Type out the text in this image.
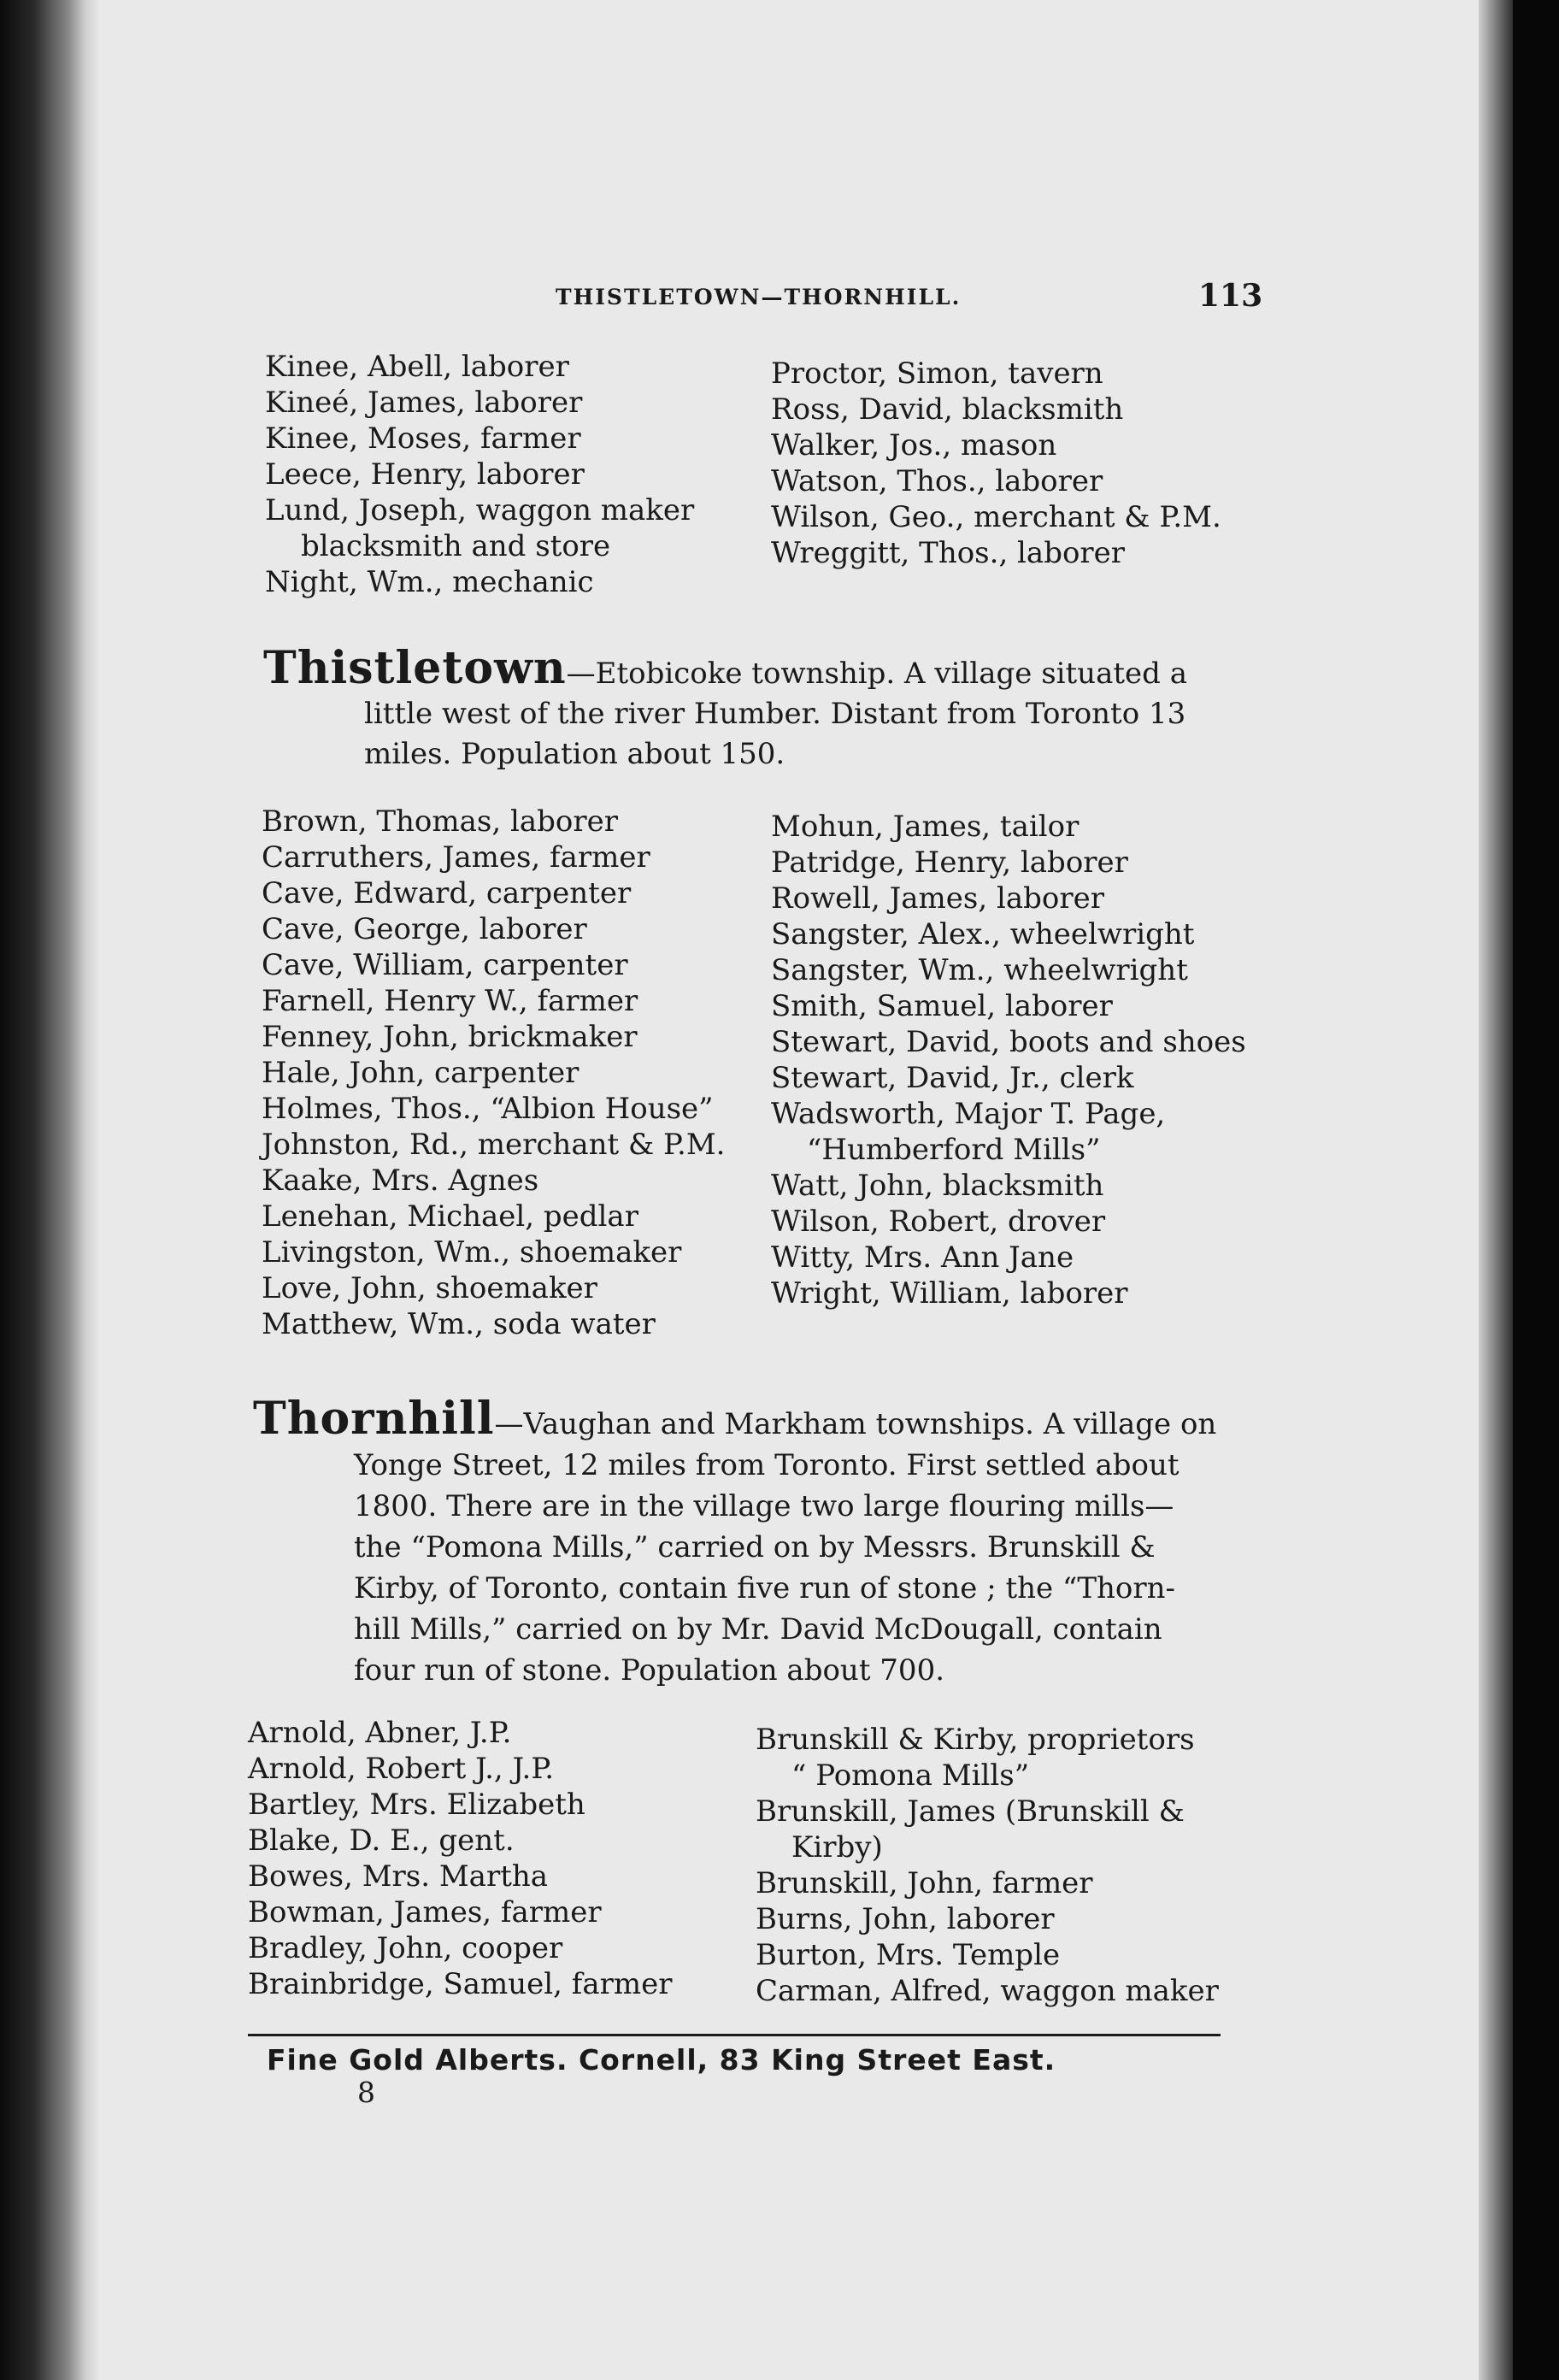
THISTLETOWN—THORNHILL.	113
Kinee, Abell, laborer
Kineé, James, laborer
Kinee, Moses, farmer
Leece, Henry, laborer
Lund, Joseph, waggon maker
blacksmith and store
Night, Wm., mechanic
Proctor, Simon, tavern
Ross, David, blacksmith
Walker, Jos., mason
Watson, Thos., laborer
Wilson, Geo., merchant & P.M.
Wreggitt, Thos., laborer
Thistletown—Etobicoke township. A village situated a
little west of the river Humber. Distant from Toronto 13
miles. Population about 150.
Brown, Thomas, laborer
Carruthers, James, farmer
Cave, Edward, carpenter
Cave, George, laborer
Cave, William, carpenter
Farnell, Henry W., farmer
Fenney, John, brickmaker
Hale, John, carpenter
Holmes, Thos., “Albion House”
Johnston, Rd., merchant & P.M.
Kaake, Mrs. Agnes
Lenehan, Michael, pedlar
Livingston, Wm., shoemaker
Love, John, shoemaker
Matthew, Wm., soda water
Mohun, James, tailor
Patridge, Henry, laborer
Rowell, James, laborer
Sangster, Alex., wheelwright
Sangster, Wm., wheelwright
Smith, Samuel, laborer
Stewart, David, boots and shoes
Stewart, David, Jr., clerk
Wadsworth, Major T. Page,
“Humberford Mills”
Watt, John, blacksmith
Wilson, Robert, drover
Witty, Mrs. Ann Jane
Wright, William, laborer
Thornhill—Vaughan and Markham townships. A village on
Yonge Street, 12 miles from Toronto. First settled about
1800. There are in the village two large flouring mills—
the “Pomona Mills,” carried on by Messrs. Brunskill &
Kirby, of Toronto, contain five run of stone ; the “Thorn-
hill Mills,” carried on by Mr. David McDougall, contain
four run of stone. Population about 700.
Arnold, Abner, J.P.
Arnold, Robert J., J.P.
Bartley, Mrs. Elizabeth
Blake, D. E., gent.
Bowes, Mrs. Martha
Bowman, James, farmer
Bradley, John, cooper
Brainbridge, Samuel, farmer
Brunskill & Kirby, proprietors
“ Pomona Mills”
Brunskill, James (Brunskill &
Kirby)
Brunskill, John, farmer
Burns, John, laborer
Burton, Mrs. Temple
Carman, Alfred, waggon maker
Fine Gold Alberts. Cornell, 83 King Street East.
8
